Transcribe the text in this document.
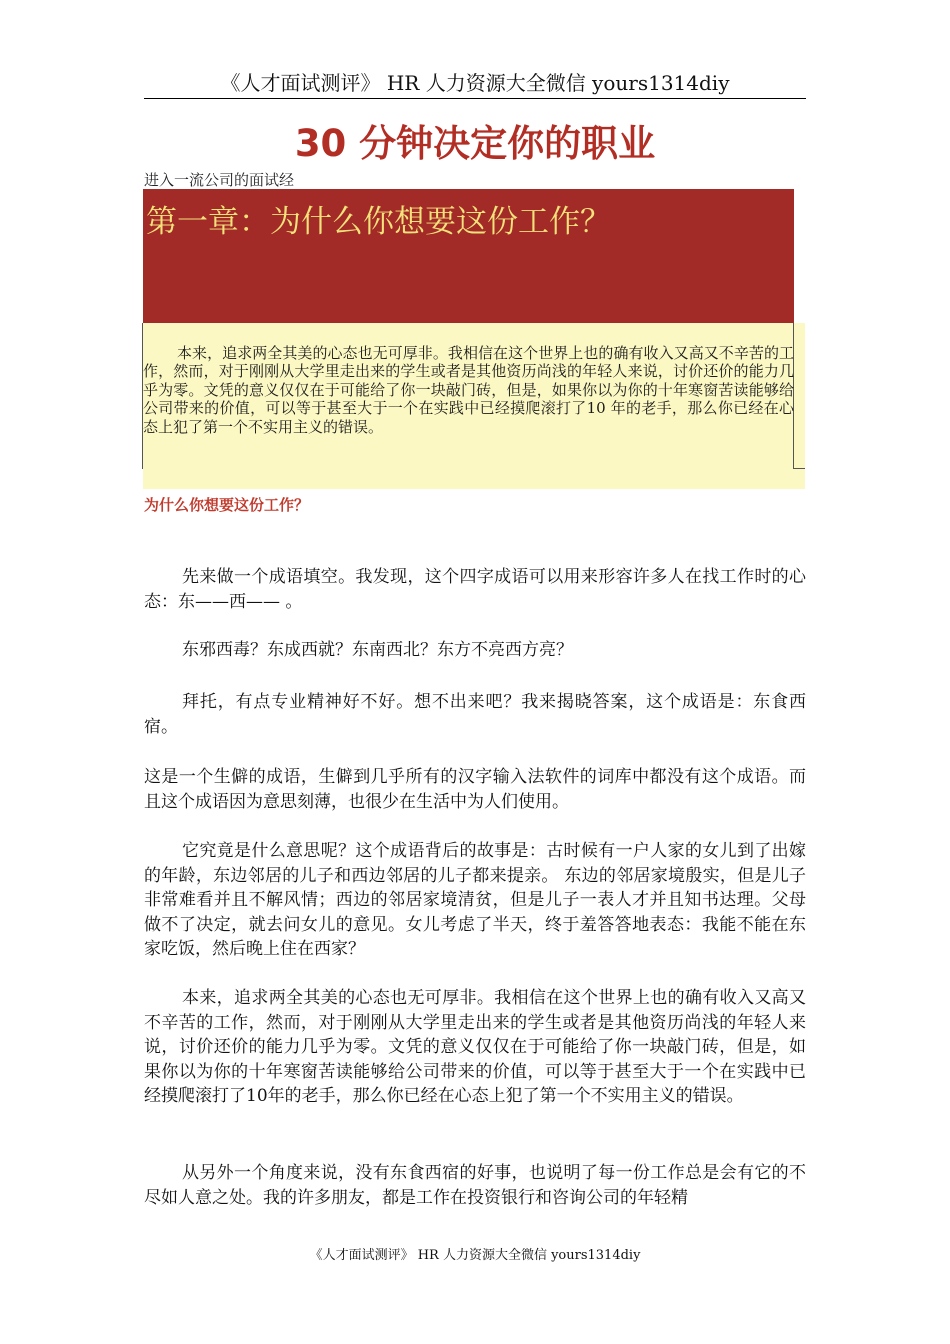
《人才面试测评》 HR 人力资源大全微信 yours1314diy
30 分钟决定你的职业
进入一流公司的面试经
第一章：为什么你想要这份工作？

本来，追求两全其美的心态也无可厚非。我相信在这个世界上也的确有收入又高又不辛苦的工作，然而，对于刚刚从大学里走出来的学生或者是其他资历尚浅的年轻人来说，讨价还价的能力几乎为零。文凭的意义仅仅在于可能给了你一块敲门砖，但是，如果你以为你的十年寒窗苦读能够给公司带来的价值，可以等于甚至大于一个在实践中已经摸爬滚打了10 年的老手，那么你已经在心态上犯了第一个不实用主义的错误。

为什么你想要这份工作？

先来做一个成语填空。我发现，这个四字成语可以用来形容许多人在找工作时的心态：东——西—— 。

东邪西毒？东成西就？东南西北？东方不亮西方亮？

拜托，有点专业精神好不好。想不出来吧？我来揭晓答案，这个成语是：东食西宿。

这是一个生僻的成语，生僻到几乎所有的汉字输入法软件的词库中都没有这个成语。而且这个成语因为意思刻薄，也很少在生活中为人们使用。

它究竟是什么意思呢？这个成语背后的故事是：古时候有一户人家的女儿到了出嫁的年龄，东边邻居的儿子和西边邻居的儿子都来提亲。 东边的邻居家境殷实，但是儿子非常难看并且不解风情；西边的邻居家境清贫，但是儿子一表人才并且知书达理。父母做不了决定，就去问女儿的意见。女儿考虑了半天，终于羞答答地表态：我能不能在东家吃饭，然后晚上住在西家？

本来，追求两全其美的心态也无可厚非。我相信在这个世界上也的确有收入又高又不辛苦的工作，然而，对于刚刚从大学里走出来的学生或者是其他资历尚浅的年轻人来说，讨价还价的能力几乎为零。文凭的意义仅仅在于可能给了你一块敲门砖，但是，如果你以为你的十年寒窗苦读能够给公司带来的价值，可以等于甚至大于一个在实践中已经摸爬滚打了10年的老手，那么你已经在心态上犯了第一个不实用主义的错误。

从另外一个角度来说，没有东食西宿的好事，也说明了每一份工作总是会有它的不尽如人意之处。我的许多朋友，都是工作在投资银行和咨询公司的年轻精

《人才面试测评》 HR 人力资源大全微信 yours1314diy
